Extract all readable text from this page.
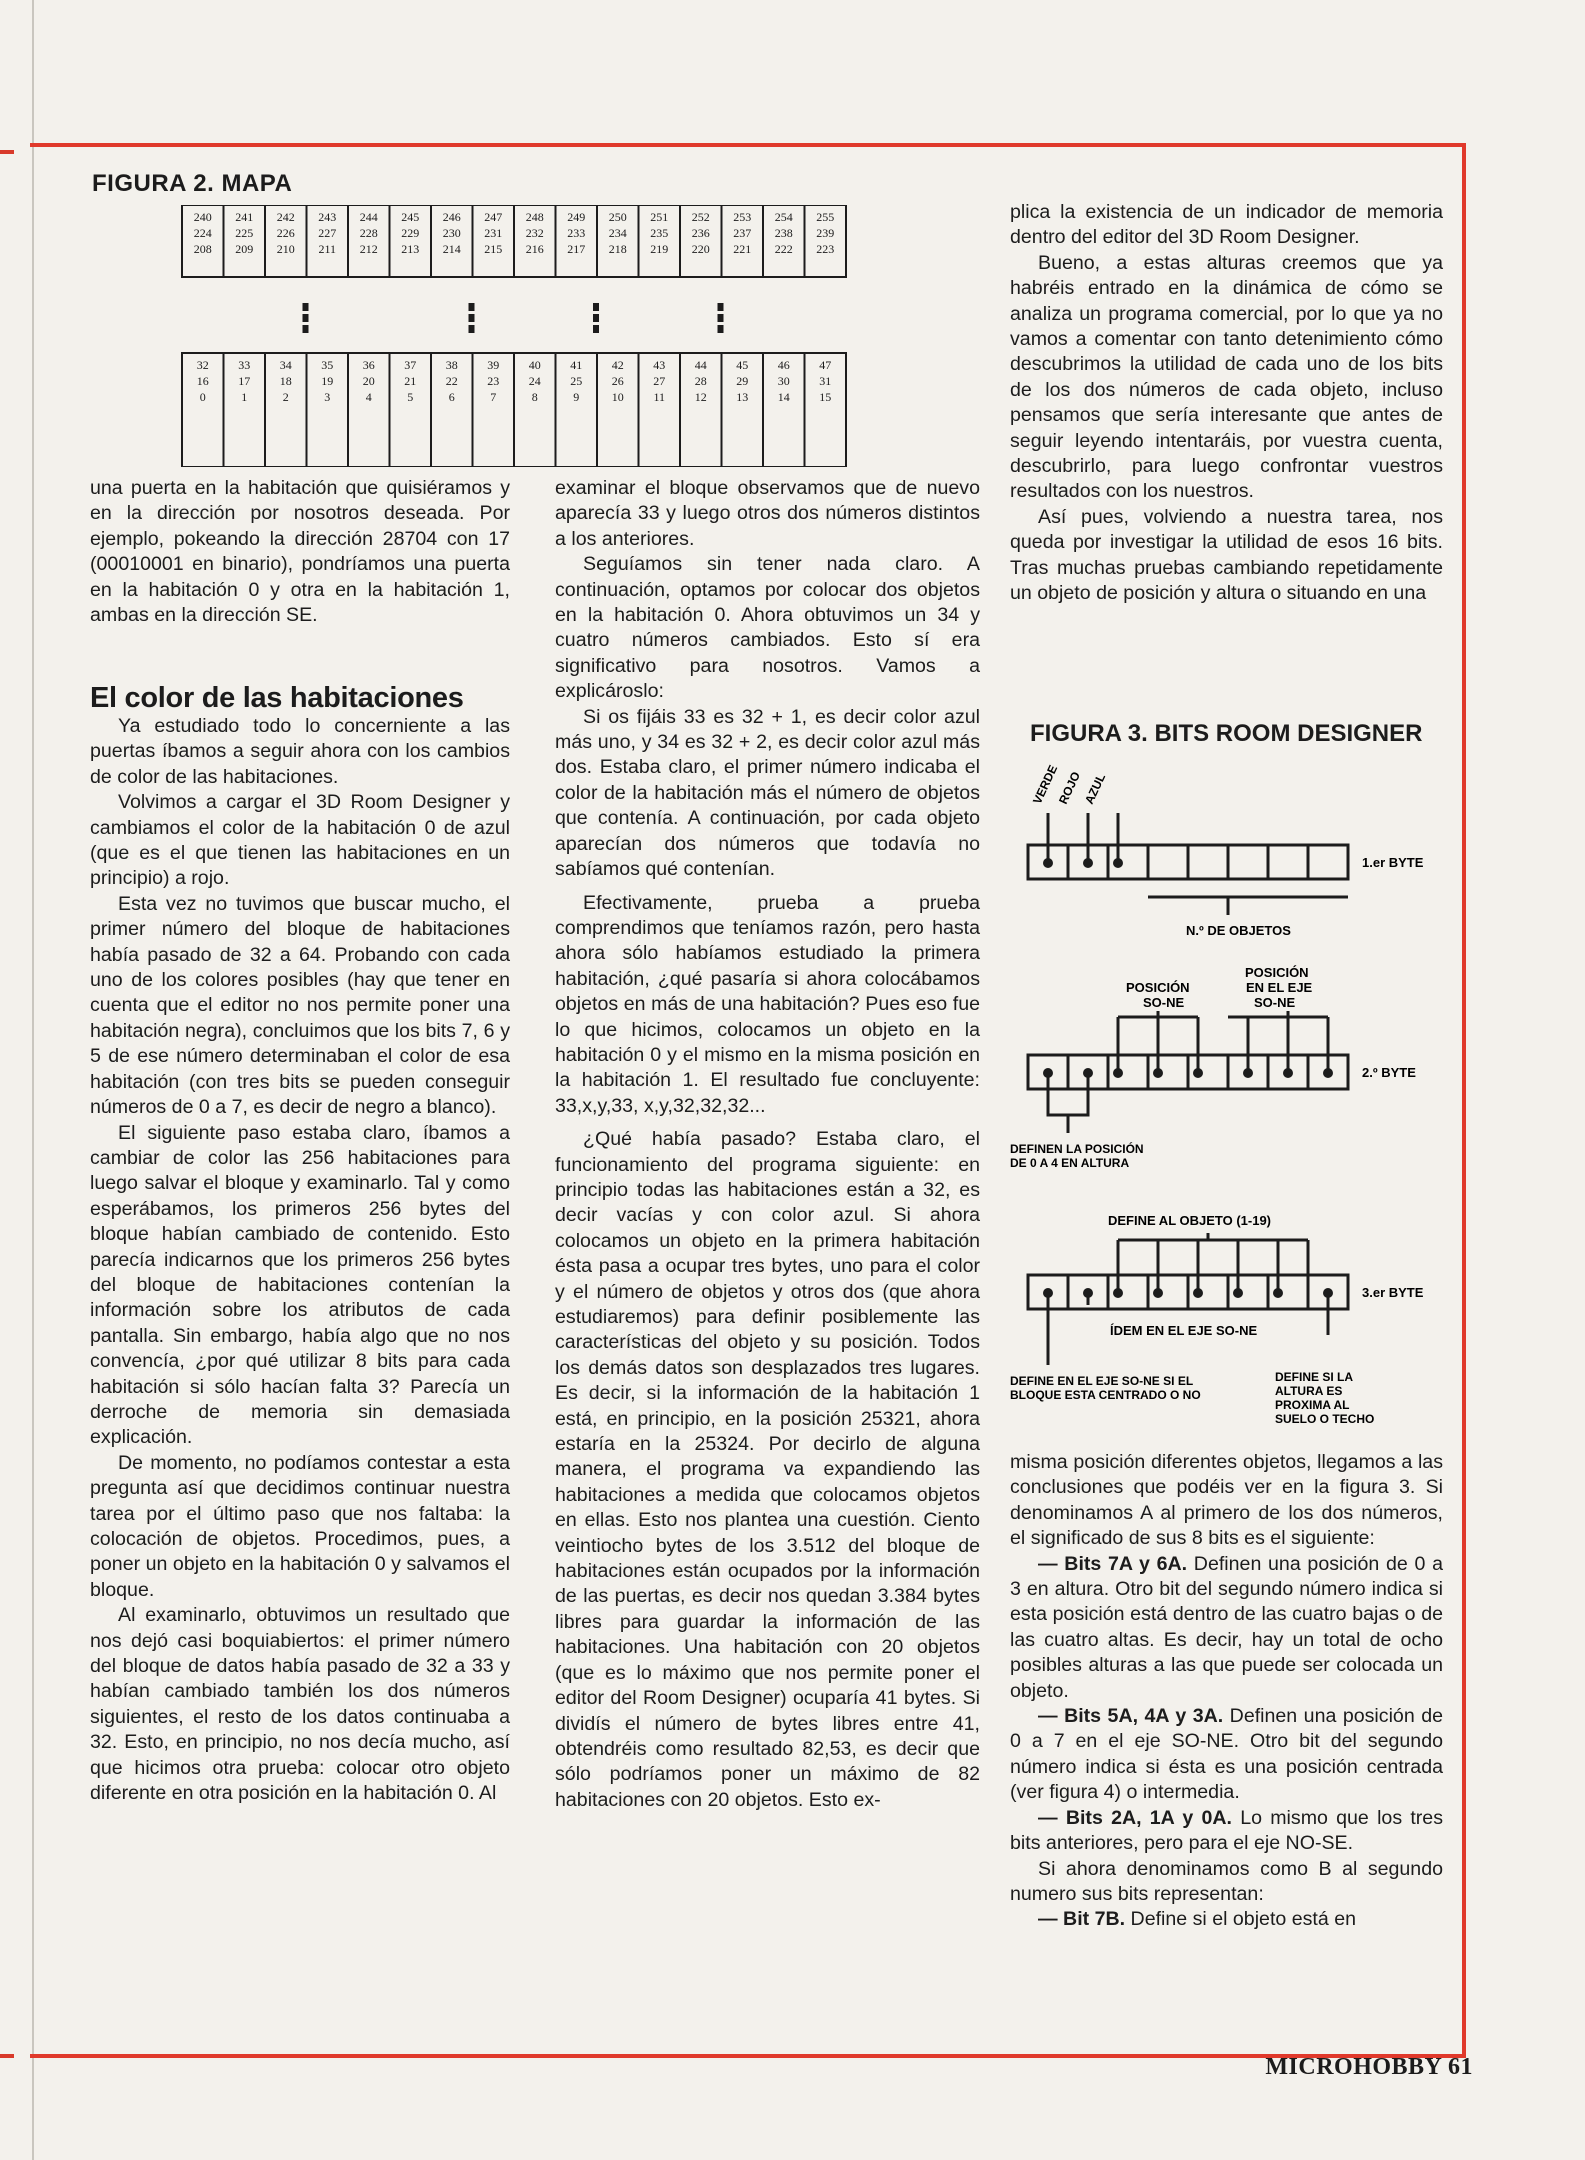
FIGURA 2. MAPA
240
224
208
241
225
209
242
226
210
243
227
211
244
228
212
245
229
213
246
230
214
247
231
215
248
232
216
249
233
217
250
234
218
251
235
219
252
236
220
253
237
221
254
238
222
255
239
223
32
16
0
33
17
1
34
18
2
35
19
3
36
20
4
37
21
5
38
22
6
39
23
7
40
24
8
41
25
9
42
26
10
43
27
11
44
28
12
45
29
13
46
30
14
47
31
15

una puerta en la habitación que quisiéramos y en la dirección por nosotros deseada. Por ejemplo, pokeando la dirección 28704 con 17 (00010001 en binario), pondríamos una puerta en la habitación 0 y otra en la habitación 1, ambas en la dirección SE.

El color de las habitaciones

Ya estudiado todo lo concerniente a las puertas íbamos a seguir ahora con los cambios de color de las habitaciones.

Volvimos a cargar el 3D Room Designer y cambiamos el color de la habitación 0 de azul (que es el que tienen las habitaciones en un principio) a rojo.

Esta vez no tuvimos que buscar mucho, el primer número del bloque de habitaciones había pasado de 32 a 64. Probando con cada uno de los colores posibles (hay que tener en cuenta que el editor no nos permite poner una habitación negra), concluimos que los bits 7, 6 y 5 de ese número determinaban el color de esa habitación (con tres bits se pueden conseguir números de 0 a 7, es decir de negro a blanco).

El siguiente paso estaba claro, íbamos a cambiar de color las 256 habitaciones para luego salvar el bloque y examinarlo. Tal y como esperábamos, los primeros 256 bytes del bloque habían cambiado de contenido. Esto parecía indicarnos que los primeros 256 bytes del bloque de habitaciones contenían la información sobre los atributos de cada pantalla. Sin embargo, había algo que no nos convencía, ¿por qué utilizar 8 bits para cada habitación si sólo hacían falta 3? Parecía un derroche de memoria sin demasiada explicación.

De momento, no podíamos contestar a esta pregunta así que decidimos continuar nuestra tarea por el último paso que nos faltaba: la colocación de objetos. Procedimos, pues, a poner un objeto en la habitación 0 y salvamos el bloque.

Al examinarlo, obtuvimos un resultado que nos dejó casi boquiabiertos: el primer número del bloque de datos había pasado de 32 a 33 y habían cambiado también los dos números siguientes, el resto de los datos continuaba a 32. Esto, en principio, no nos decía mucho, así que hicimos otra prueba: colocar otro objeto diferente en otra posición en la habitación 0. Al

examinar el bloque observamos que de nuevo aparecía 33 y luego otros dos números distintos a los anteriores.

Seguíamos sin tener nada claro. A continuación, optamos por colocar dos objetos en la habitación 0. Ahora obtuvimos un 34 y cuatro números cambiados. Esto sí era significativo para nosotros. Vamos a explicároslo:

Si os fijáis 33 es 32 + 1, es decir color azul más uno, y 34 es 32 + 2, es decir color azul más dos. Estaba claro, el primer número indicaba el color de la habitación más el número de objetos que contenía. A continuación, por cada objeto aparecían dos números que todavía no sabíamos qué contenían.

Efectivamente, prueba a prueba comprendimos que teníamos razón, pero hasta ahora sólo habíamos estudiado la primera habitación, ¿qué pasaría si ahora colocábamos objetos en más de una habitación? Pues eso fue lo que hicimos, colocamos un objeto en la habitación 0 y el mismo en la misma posición en la habitación 1. El resultado fue concluyente: 33,x,y,33, x,y,32,32,32...

¿Qué había pasado? Estaba claro, el funcionamiento del programa siguiente: en principio todas las habitaciones están a 32, es decir vacías y con color azul. Si ahora colocamos un objeto en la primera habitación ésta pasa a ocupar tres bytes, uno para el color y el número de objetos y otros dos (que ahora estudiaremos) para definir posiblemente las características del objeto y su posición. Todos los demás datos son desplazados tres lugares. Es decir, si la información de la habitación 1 está, en principio, en la posición 25321, ahora estaría en la 25324. Por decirlo de alguna manera, el programa va expandiendo las habitaciones a medida que colocamos objetos en ellas. Esto nos plantea una cuestión. Ciento veintiocho bytes de los 3.512 del bloque de habitaciones están ocupados por la información de las puertas, es decir nos quedan 3.384 bytes libres para guardar la información de las habitaciones. Una habitación con 20 objetos (que es lo máximo que nos permite poner el editor del Room Designer) ocuparía 41 bytes. Si dividís el número de bytes libres entre 41, obtendréis como resultado 82,53, es decir que sólo podríamos poner un máximo de 82 habitaciones con 20 objetos. Esto ex-

plica la existencia de un indicador de memoria dentro del editor del 3D Room Designer.

Bueno, a estas alturas creemos que ya habréis entrado en la dinámica de cómo se analiza un programa comercial, por lo que ya no vamos a comentar con tanto detenimiento cómo descubrimos la utilidad de cada uno de los bits de los dos números de cada objeto, incluso pensamos que sería interesante que antes de seguir leyendo intentaráis, por vuestra cuenta, descubrirlo, para luego confrontar vuestros resultados con los nuestros.

Así pues, volviendo a nuestra tarea, nos queda por investigar la utilidad de esos 16 bits. Tras muchas pruebas cambiando repetidamente un objeto de posición y altura o situando en una

FIGURA 3. BITS ROOM DESIGNER
VERDE
ROJO
AZUL
1.er BYTE
N.º DE OBJETOS
POSICIÓN
SO-NE
POSICIÓN
EN EL EJE
SO-NE
2.º BYTE
DEFINEN LA POSICIÓN
DE 0 A 4 EN ALTURA
DEFINE AL OBJETO (1-19)
3.er BYTE
ÍDEM EN EL EJE SO-NE
DEFINE EN EL EJE SO-NE SI EL
BLOQUE ESTA CENTRADO O NO
DEFINE SI LA
ALTURA ES
PROXIMA AL
SUELO O TECHO

misma posición diferentes objetos, llegamos a las conclusiones que podéis ver en la figura 3. Si denominamos A al primero de los dos números, el significado de sus 8 bits es el siguiente:

— Bits 7A y 6A. Definen una posición de 0 a 3 en altura. Otro bit del segundo número indica si esta posición está dentro de las cuatro bajas o de las cuatro altas. Es decir, hay un total de ocho posibles alturas a las que puede ser colocada un objeto.

— Bits 5A, 4A y 3A. Definen una posición de 0 a 7 en el eje SO-NE. Otro bit del segundo número indica si ésta es una posición centrada (ver figura 4) o intermedia.

— Bits 2A, 1A y 0A. Lo mismo que los tres bits anteriores, pero para el eje NO-SE.

Si ahora denominamos como B al segundo numero sus bits representan:

— Bit 7B. Define si el objeto está en

MICROHOBBY 61
